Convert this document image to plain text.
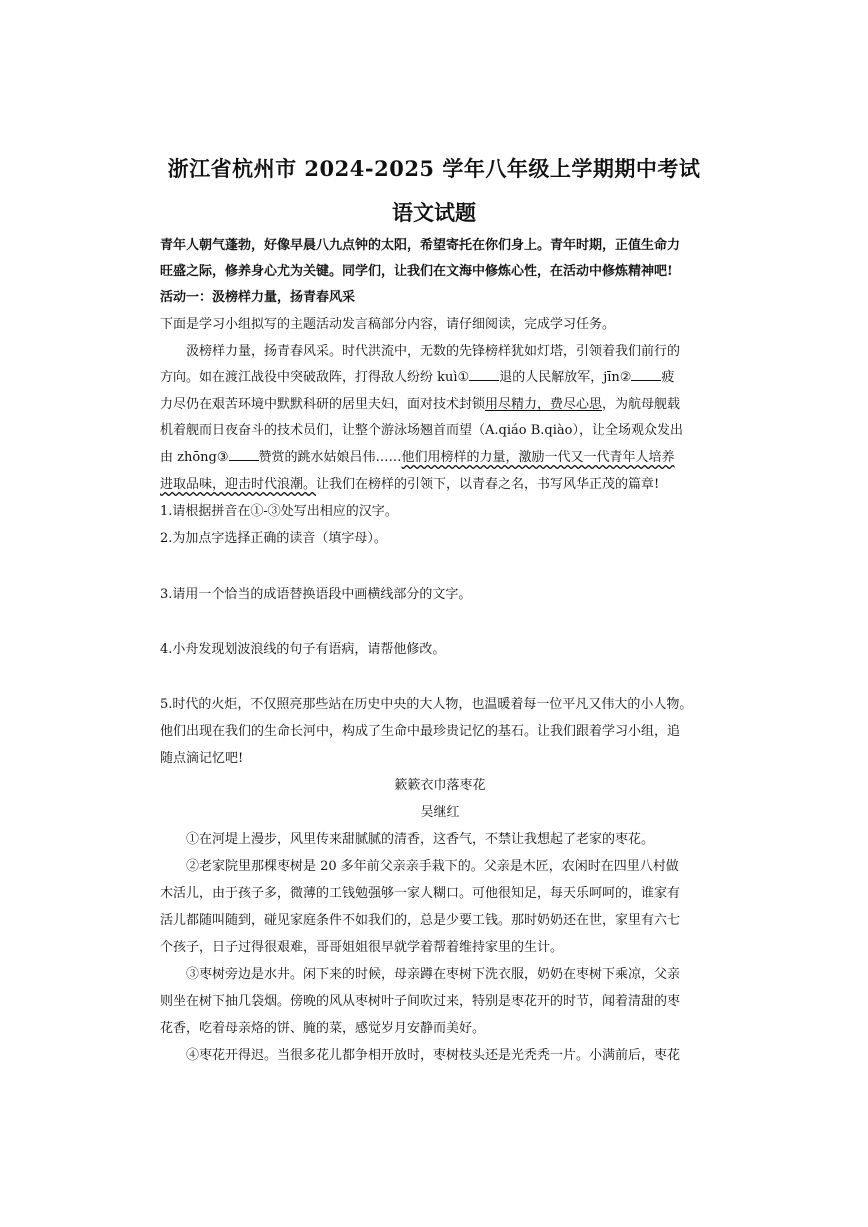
浙江省杭州市 2024-2025 学年八年级上学期期中考试
语文试题
青年人朝气蓬勃，好像早晨八九点钟的太阳，希望寄托在你们身上。青年时期，正值生命力
旺盛之际，修养身心尤为关键。同学们，让我们在文海中修炼心性，在活动中修炼精神吧!
活动一：汲榜样力量，扬青春风采
下面是学习小组拟写的主题活动发言稿部分内容，请仔细阅读，完成学习任务。
汲榜样力量，扬青春风采。时代洪流中，无数的先锋榜样犹如灯塔，引领着我们前行的
方向。如在渡江战役中突破敌阵，打得敌人纷纷 kuì① 退的人民解放军，jīn② 疲
力尽仍在艰苦环境中默默科研的居里夫妇，面对技术封锁用尽精力，费尽心思，为航母舰载
机着舰而日夜奋斗的技术员们，让整个游泳场翘首而望（A.qiáo B.qiào），让全场观众发出
由 zhōng③ 赞赏的跳水姑娘吕伟……他们用榜样的力量，激励一代又一代青年人培养
进取品味，迎击时代浪潮。让我们在榜样的引领下，以青春之名，书写风华正茂的篇章!
1.请根据拼音在①-③处写出相应的汉字。
2.为加点字选择正确的读音（填字母）。
3.请用一个恰当的成语替换语段中画横线部分的文字。
4.小舟发现划波浪线的句子有语病，请帮他修改。
5.时代的火炬，不仅照亮那些站在历史中央的大人物，也温暖着每一位平凡又伟大的小人物。
他们出现在我们的生命长河中，构成了生命中最珍贵记忆的基石。让我们跟着学习小组，追
随点滴记忆吧!
簌簌衣巾落枣花
吴继红
①在河堤上漫步，风里传来甜腻腻的清香，这香气，不禁让我想起了老家的枣花。
②老家院里那棵枣树是 20 多年前父亲亲手栽下的。父亲是木匠，农闲时在四里八村做
木活儿，由于孩子多，微薄的工钱勉强够一家人糊口。可他很知足，每天乐呵呵的，谁家有
活儿都随叫随到，碰见家庭条件不如我们的，总是少要工钱。那时奶奶还在世，家里有六七
个孩子，日子过得很艰难，哥哥姐姐很早就学着帮着维持家里的生计。
③枣树旁边是水井。闲下来的时候，母亲蹲在枣树下洗衣服，奶奶在枣树下乘凉，父亲
则坐在树下抽几袋烟。傍晚的风从枣树叶子间吹过来，特别是枣花开的时节，闻着清甜的枣
花香，吃着母亲烙的饼、腌的菜，感觉岁月安静而美好。
④枣花开得迟。当很多花儿都争相开放时，枣树枝头还是光秃秃一片。小满前后，枣花
